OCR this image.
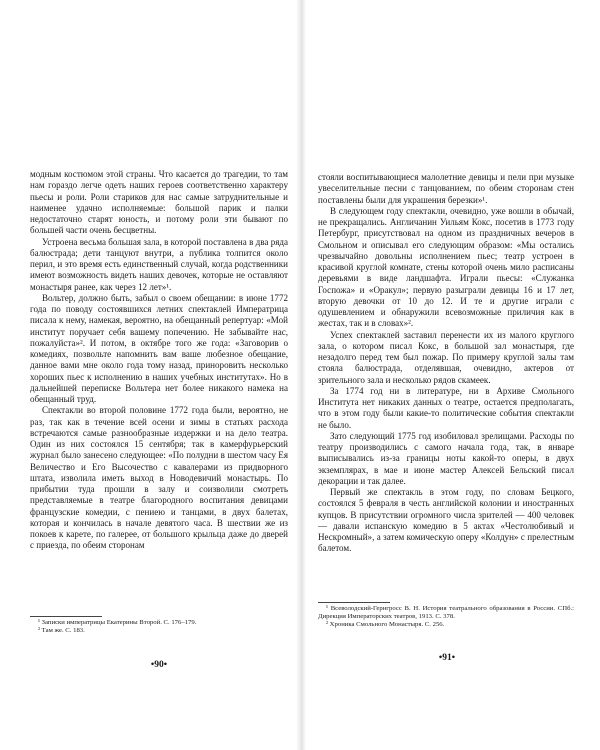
модным костюмом этой страны. Что касается до трагедии, то там нам гораздо легче одеть наших героев соответственно характеру пьесы и роли. Роли стариков для нас самые затруднительные и наименее удачно исполняемые: большой парик и палки недостаточно старят юность, и потому роли эти бывают по большей части очень бесцветны.

Устроена весьма большая зала, в которой поставлена в два ряда балюстрада; дети танцуют внутри, а публика толпится около перил, и это время есть единственный случай, когда родственники имеют возможность видеть наших девочек, которые не оставляют монастыря ранее, как через 12 лет»¹.

Вольтер, должно быть, забыл о своем обещании: в июне 1772 года по поводу состоявшихся летних спектаклей Императрица писала к нему, намекая, вероятно, на обещанный репертуар: «Мой институт поручает себя вашему попечению. Не забывайте нас, пожалуйста»². И потом, в октябре того же года: «Заговорив о комедиях, позвольте напомнить вам ваше любезное обещание, данное вами мне около года тому назад, приноровить несколько хороших пьес к исполнению в наших учебных институтах». Но в дальнейшей переписке Вольтера нет более никакого намека на обещанный труд.

Спектакли во второй половине 1772 года были, вероятно, не раз, так как в течение всей осени и зимы в статьях расхода встречаются самые разнообразные издержки и на дело театра. Один из них состоялся 15 сентября; так в камерфурьерский журнал было занесено следующее: «По полудни в шестом часу Ея Величество и Его Высочество с кавалерами из придворного штата, изволила иметь выход в Новодевичий монастырь. По прибытии туда прошли в залу и соизволили смотреть представляемые в театре благородного воспитания девицами французские комедии, с пениею и танцами, в двух балетах, которая и кончилась в начале девятого часа. В шествии же из покоев к карете, по галерее, от большого крыльца даже до дверей с приезда, по обеим сторонам

¹ Записки императрицы Екатерины Второй. С. 176–179.

² Там же. С. 183.

•90•

стояли воспитывающиеся малолетние девицы и пели при музыке увеселительные песни с танцованием, по обеим сторонам стен поставлены были для украшения березки»¹.

В следующем году спектакли, очевидно, уже вошли в обычай, не прекращались. Англичанин Уильям Кокс, посетив в 1773 году Петербург, присутствовал на одном из праздничных вечеров в Смольном и описывал его следующим образом: «Мы остались чрезвычайно довольны исполнением пьес; театр устроен в красивой круглой комнате, стены которой очень мило расписаны деревьями в виде ландшафта. Играли пьесы: «Служанка Госпожа» и «Оракул»; первую разыграли девицы 16 и 17 лет, вторую девочки от 10 до 12. И те и другие играли с одушевлением и обнаружили всевозможные приличия как в жестах, так и в словах»².

Успех спектаклей заставил перенести их из малого круглого зала, о котором писал Кокс, в большой зал монастыря, где незадолго перед тем был пожар. По примеру круглой залы там стояла балюстрада, отделявшая, очевидно, актеров от зрительного зала и несколько рядов скамеек.

За 1774 год ни в литературе, ни в Архиве Смольного Института нет никаких данных о театре, остается предполагать, что в этом году были какие-то политические события спектакли не было.

Зато следующий 1775 год изобиловал зрелищами. Расходы по театру производились с самого начала года, так, в январе выписывались из-за границы ноты какой-то оперы, в двух экземплярах, в мае и июне мастер Алексей Бельский писал декорации и так далее.

Первый же спектакль в этом году, по словам Бецкого, состоялся 5 февраля в честь английской колонии и иностранных купцов. В присутствии огромного числа зрителей — 400 человек — давали испанскую комедию в 5 актах «Честолюбивый и Нескромный», а затем комическую оперу «Колдун» с прелестным балетом.

¹ Всеволодский-Гернгросс В. Н. История театрального образования в России. СПб.: Дирекция Императорских театров, 1913. С. 378.

² Хроника Смольного Монастыря. С. 256.

•91•
